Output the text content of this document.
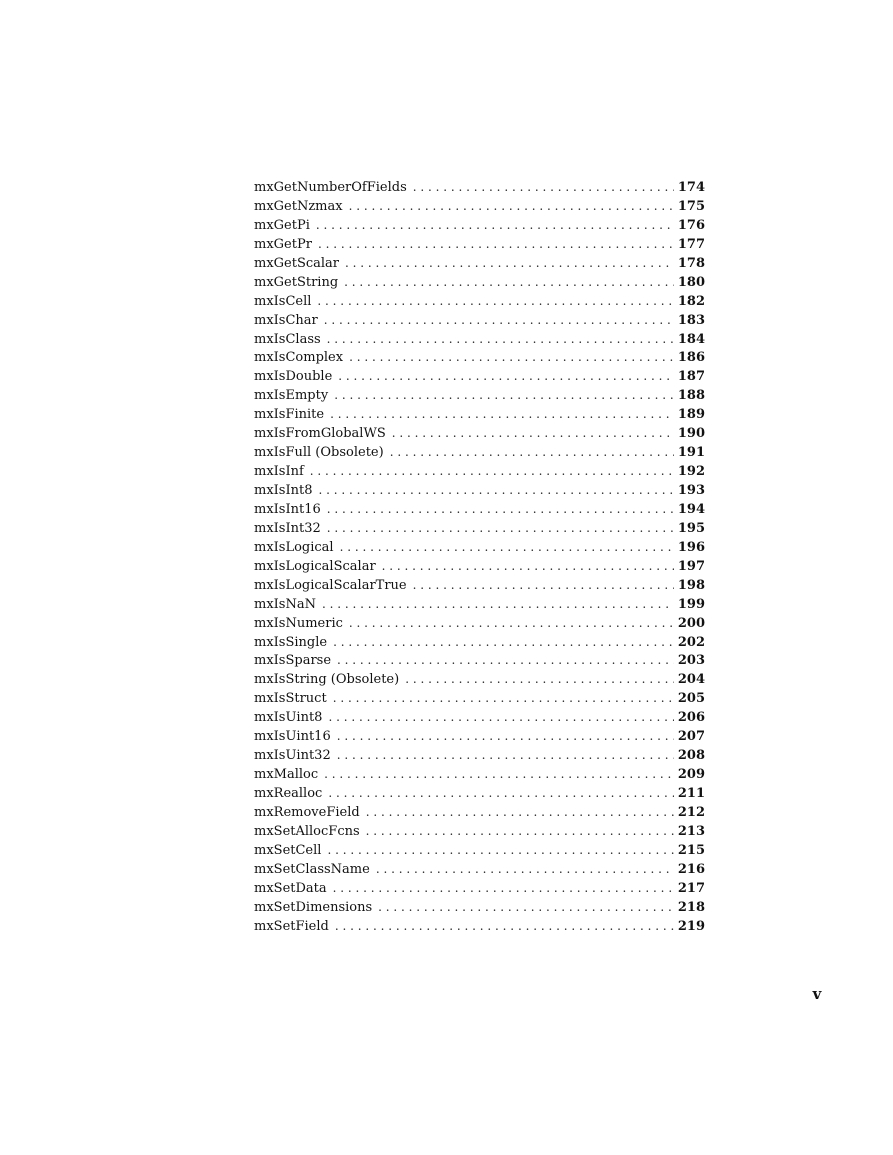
mxGetNumberOfFields . . .	174
mxGetNzmax . . .	175
mxGetPi . . .	176
mxGetPr . . .	177
mxGetScalar . . .	178
mxGetString . . .	180
mxIsCell . . .	182
mxIsChar . . .	183
mxIsClass . . .	184
mxIsComplex . . .	186
mxIsDouble . . .	187
mxIsEmpty . . .	188
mxIsFinite . . .	189
mxIsFromGlobalWS . . .	190
mxIsFull (Obsolete) . . .	191
mxIsInf . . .	192
mxIsInt8 . . .	193
mxIsInt16 . . .	194
mxIsInt32 . . .	195
mxIsLogical . . .	196
mxIsLogicalScalar . . .	197
mxIsLogicalScalarTrue . . .	198
mxIsNaN . . .	199
mxIsNumeric . . .	200
mxIsSingle . . .	202
mxIsSparse . . .	203
mxIsString (Obsolete) . . .	204
mxIsStruct . . .	205
mxIsUint8 . . .	206
mxIsUint16 . . .	207
mxIsUint32 . . .	208
mxMalloc . . .	209
mxRealloc . . .	211
mxRemoveField . . .	212
mxSetAllocFcns . . .	213
mxSetCell . . .	215
mxSetClassName . . .	216
mxSetData . . .	217
mxSetDimensions . . .	218
mxSetField . . .	219
v
